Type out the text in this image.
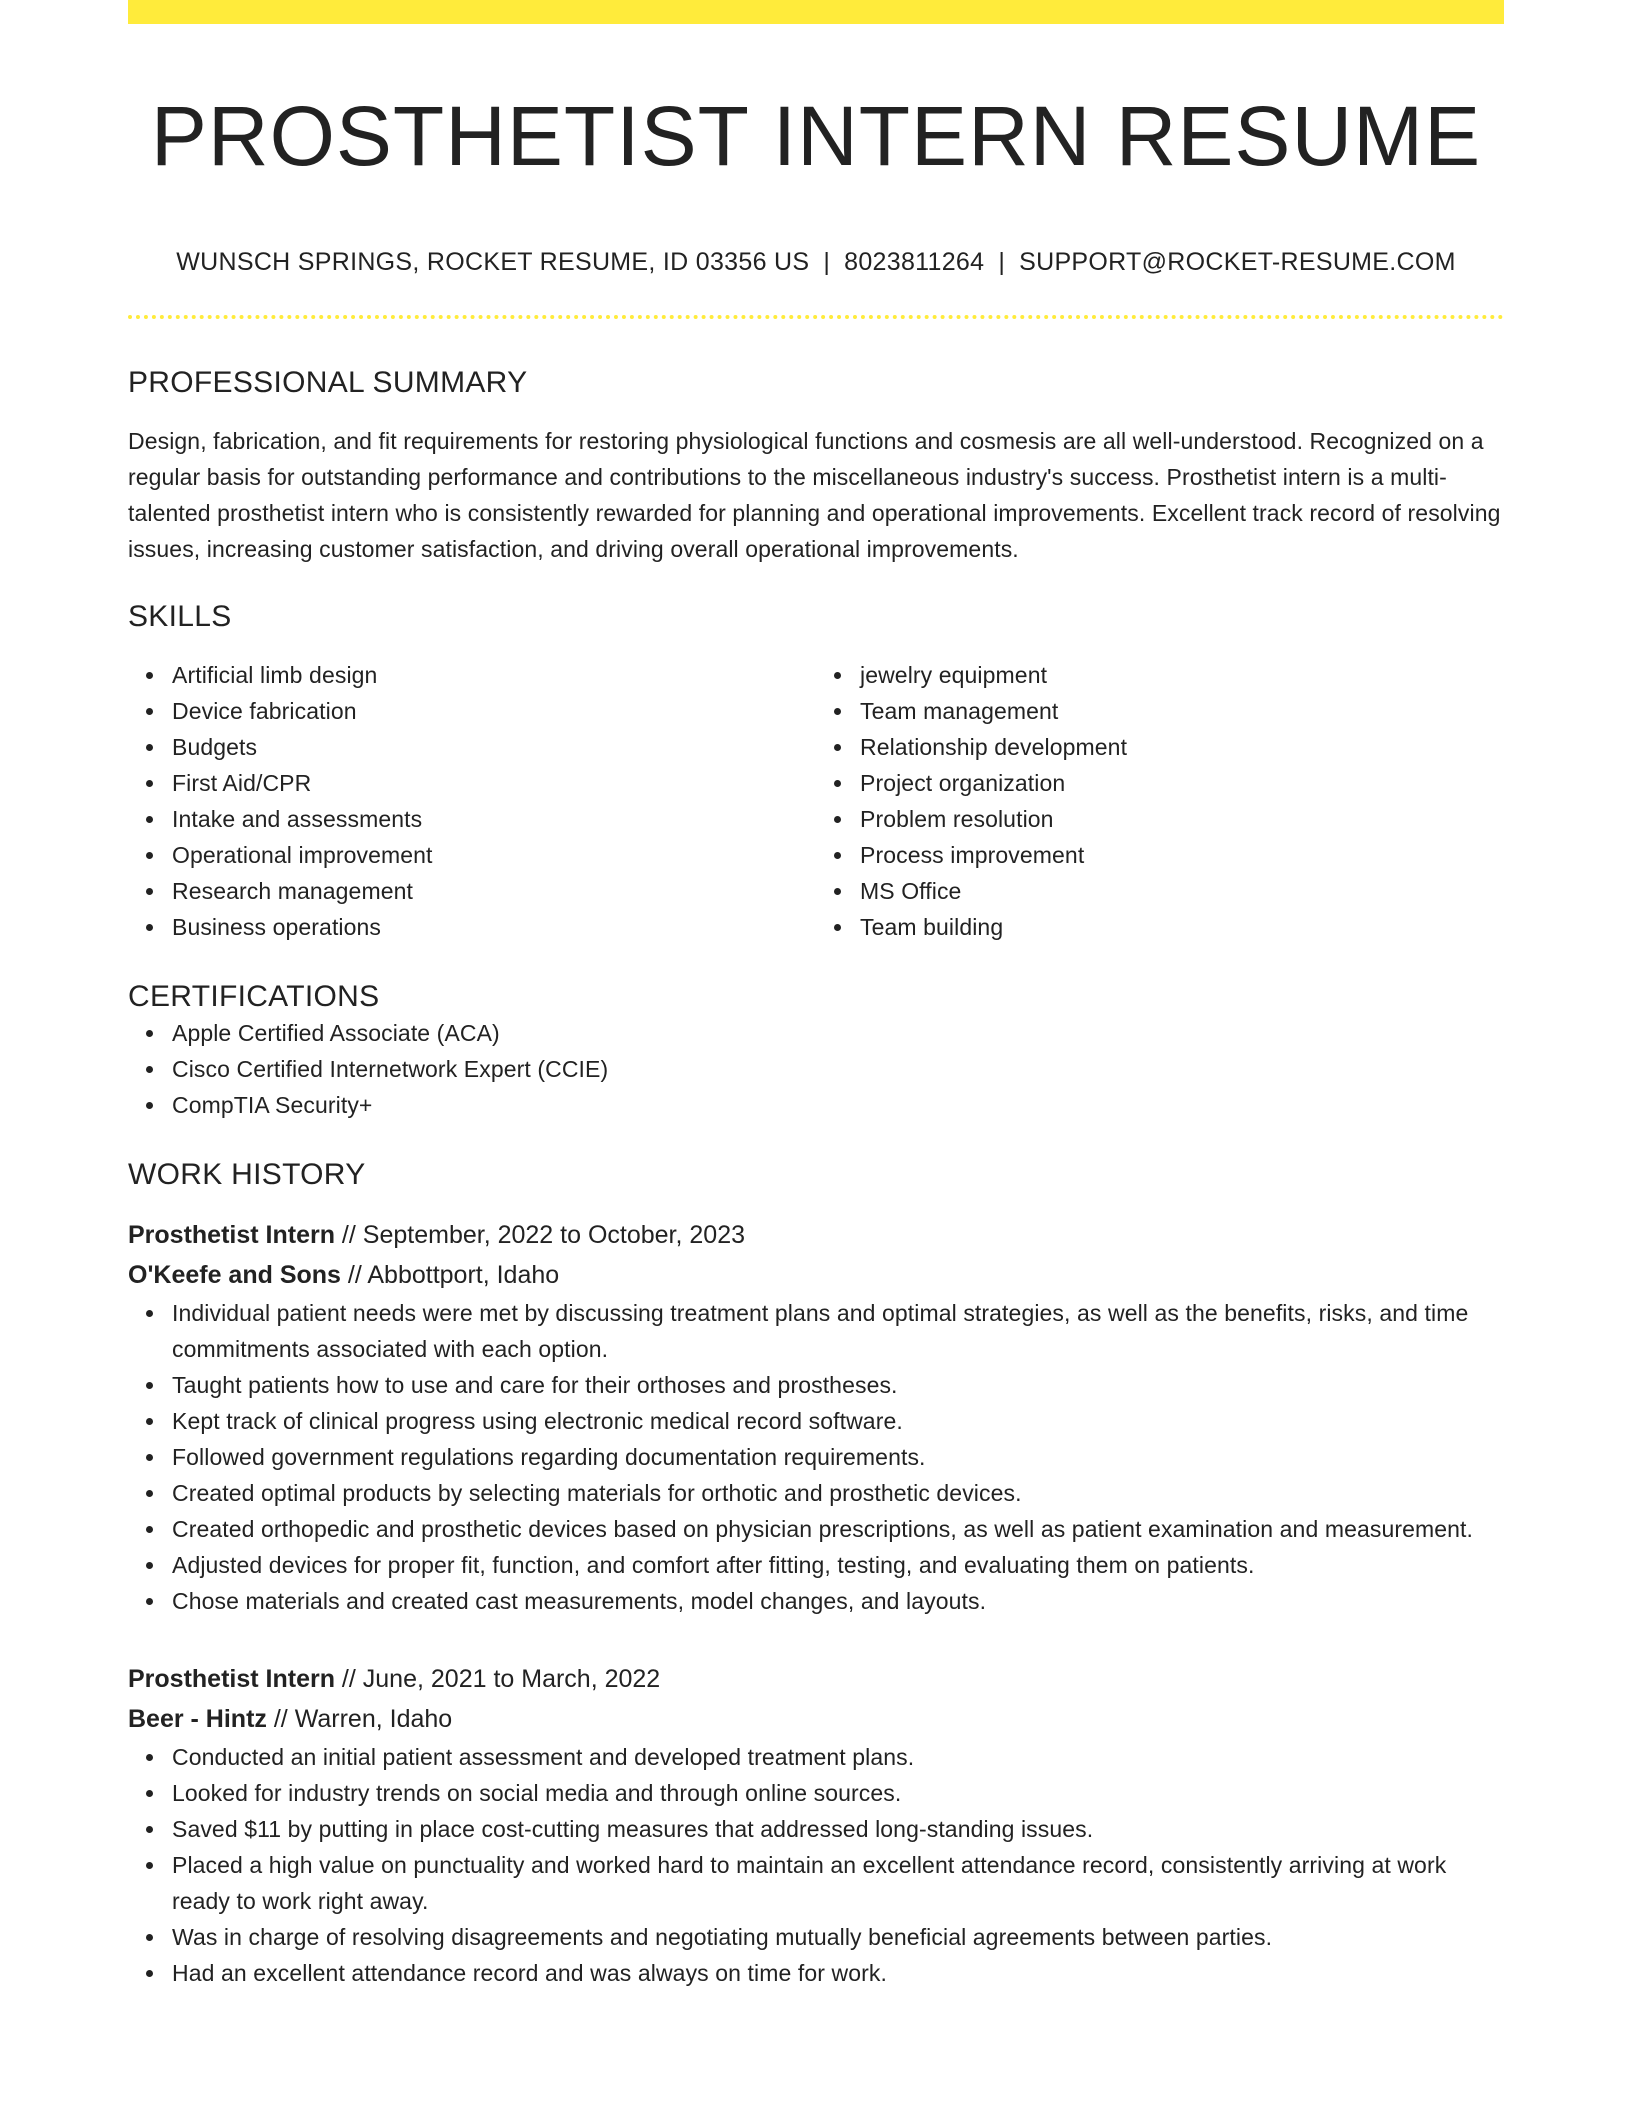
PROSTHETIST INTERN RESUME
WUNSCH SPRINGS, ROCKET RESUME, ID 03356 US | 8023811264 | SUPPORT@ROCKET-RESUME.COM
PROFESSIONAL SUMMARY

Design, fabrication, and fit requirements for restoring physiological functions and cosmesis are all well-understood. Recognized on a regular basis for outstanding performance and contributions to the miscellaneous industry's success. Prosthetist intern is a multi-talented prosthetist intern who is consistently rewarded for planning and operational improvements. Excellent track record of resolving issues, increasing customer satisfaction, and driving overall operational improvements.

SKILLS
Artificial limb design
Device fabrication
Budgets
First Aid/CPR
Intake and assessments
Operational improvement
Research management
Business operations
jewelry equipment
Team management
Relationship development
Project organization
Problem resolution
Process improvement
MS Office
Team building
CERTIFICATIONS
Apple Certified Associate (ACA)
Cisco Certified Internetwork Expert (CCIE)
CompTIA Security+
WORK HISTORY
Prosthetist Intern // September, 2022 to October, 2023
O'Keefe and Sons // Abbottport, Idaho
Individual patient needs were met by discussing treatment plans and optimal strategies, as well as the benefits, risks, and time commitments associated with each option.
Taught patients how to use and care for their orthoses and prostheses.
Kept track of clinical progress using electronic medical record software.
Followed government regulations regarding documentation requirements.
Created optimal products by selecting materials for orthotic and prosthetic devices.
Created orthopedic and prosthetic devices based on physician prescriptions, as well as patient examination and measurement.
Adjusted devices for proper fit, function, and comfort after fitting, testing, and evaluating them on patients.
Chose materials and created cast measurements, model changes, and layouts.
Prosthetist Intern // June, 2021 to March, 2022
Beer - Hintz // Warren, Idaho
Conducted an initial patient assessment and developed treatment plans.
Looked for industry trends on social media and through online sources.
Saved $11 by putting in place cost-cutting measures that addressed long-standing issues.
Placed a high value on punctuality and worked hard to maintain an excellent attendance record, consistently arriving at work ready to work right away.
Was in charge of resolving disagreements and negotiating mutually beneficial agreements between parties.
Had an excellent attendance record and was always on time for work.
